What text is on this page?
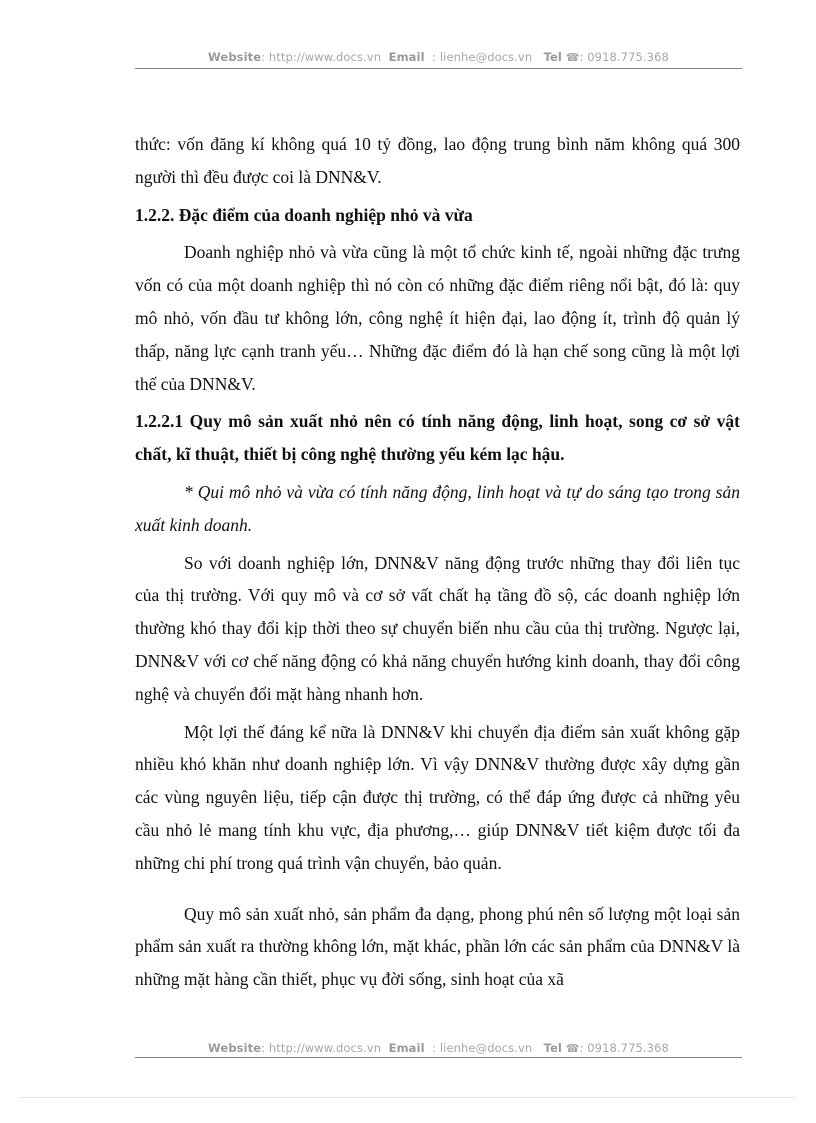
Website: http://www.docs.vn Email : lienhe@docs.vn Tel ☎: 0918.775.368

thức: vốn đăng kí không quá 10 tỷ đồng, lao động trung bình năm không quá 300 người thì đều được coi là DNN&V.

1.2.2. Đặc điểm của doanh nghiệp nhỏ và vừa

Doanh nghiệp nhỏ và vừa cũng là một tổ chức kinh tế, ngoài những đặc trưng vốn có của một doanh nghiệp thì nó còn có những đặc điểm riêng nổi bật, đó là: quy mô nhỏ, vốn đầu tư không lớn, công nghệ ít hiện đại, lao động ít, trình độ quản lý thấp, năng lực cạnh tranh yếu… Những đặc điểm đó là hạn chế song cũng là một lợi thế của DNN&V.

1.2.2.1 Quy mô sản xuất nhỏ nên có tính năng động, linh hoạt, song cơ sở vật chất, kĩ thuật, thiết bị công nghệ thường yếu kém lạc hậu.

* Qui mô nhỏ và vừa có tính năng động, linh hoạt và tự do sáng tạo trong sản xuất kinh doanh.

So với doanh nghiệp lớn, DNN&V năng động trước những thay đổi liên tục của thị trường. Với quy mô và cơ sở vất chất hạ tầng đồ sộ, các doanh nghiệp lớn thường khó thay đổi kịp thời theo sự chuyển biến nhu cầu của thị trường. Ngược lại, DNN&V với cơ chế năng động có khả năng chuyển hướng kinh doanh, thay đổi công nghệ và chuyển đổi mặt hàng nhanh hơn.

Một lợi thế đáng kể nữa là DNN&V khi chuyển địa điểm sản xuất không gặp nhiều khó khăn như doanh nghiệp lớn. Vì vậy DNN&V thường được xây dựng gần các vùng nguyên liệu, tiếp cận được thị trường, có thể đáp ứng được cả những yêu cầu nhỏ lẻ mang tính khu vực, địa phương,… giúp DNN&V tiết kiệm được tối đa những chi phí trong quá trình vận chuyển, bảo quản.

Quy mô sản xuất nhỏ, sản phẩm đa dạng, phong phú nên số lượng một loại sản phẩm sản xuất ra thường không lớn, mặt khác, phần lớn các sản phẩm của DNN&V là những mặt hàng cần thiết, phục vụ đời sống, sinh hoạt của xã

Website: http://www.docs.vn Email : lienhe@docs.vn Tel ☎: 0918.775.368
